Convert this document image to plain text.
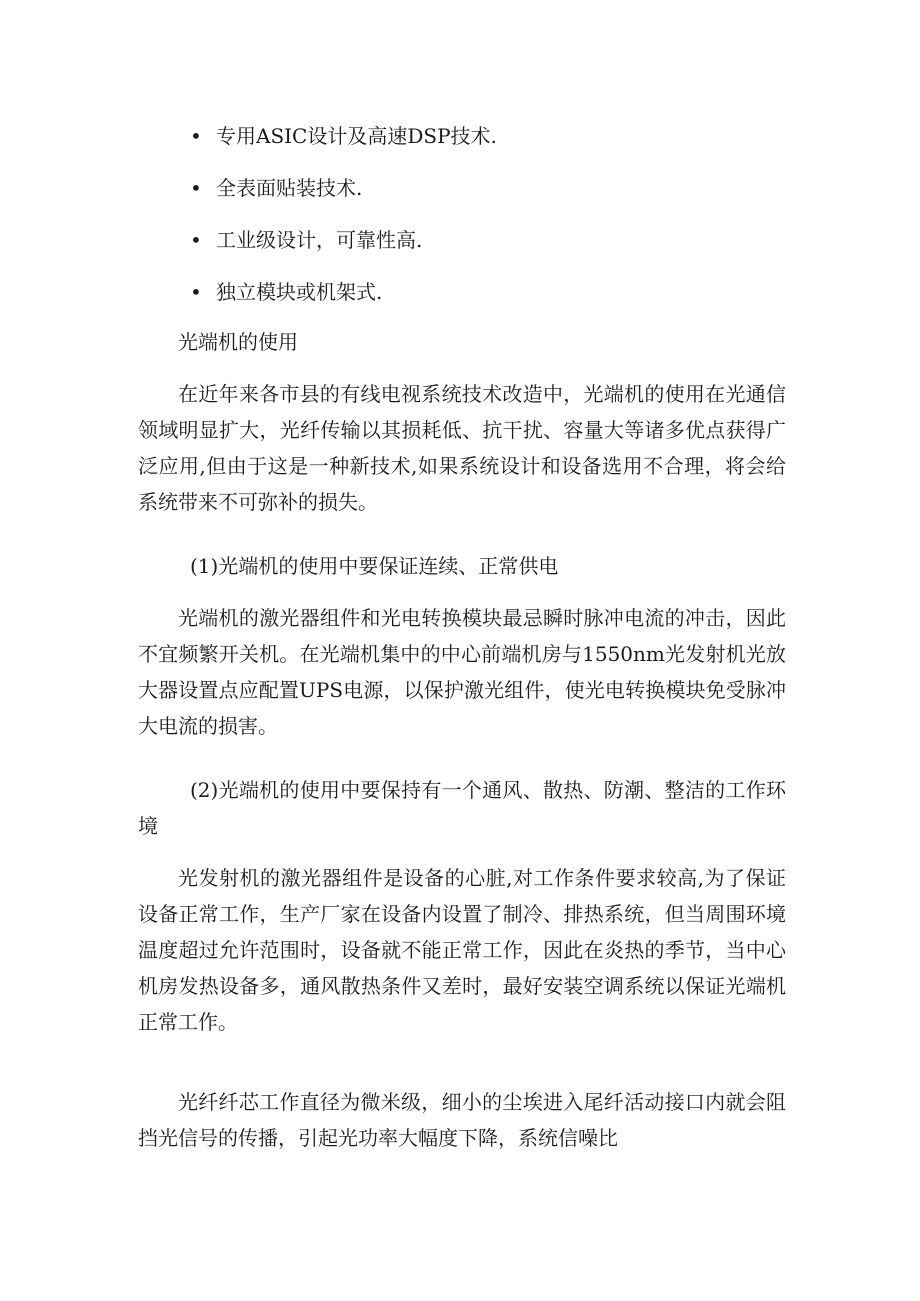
• 专用ASIC设计及高速DSP技术.
• 全表面贴装技术.
• 工业级设计，可靠性高.
• 独立模块或机架式.

光端机的使用

在近年来各市县的有线电视系统技术改造中，光端机的使用在光通信领域明显扩大，光纤传输以其损耗低、抗干扰、容量大等诸多优点获得广泛应用,但由于这是一种新技术,如果系统设计和设备选用不合理，将会给系统带来不可弥补的损失。

(1)光端机的使用中要保证连续、正常供电

光端机的激光器组件和光电转换模块最忌瞬时脉冲电流的冲击，因此不宜频繁开关机。在光端机集中的中心前端机房与1550nm光发射机光放大器设置点应配置UPS电源，以保护激光组件，使光电转换模块免受脉冲大电流的损害。

(2)光端机的使用中要保持有一个通风、散热、防潮、整洁的工作环境

光发射机的激光器组件是设备的心脏,对工作条件要求较高,为了保证设备正常工作，生产厂家在设备内设置了制冷、排热系统，但当周围环境温度超过允许范围时，设备就不能正常工作，因此在炎热的季节，当中心机房发热设备多，通风散热条件又差时，最好安装空调系统以保证光端机正常工作。

光纤纤芯工作直径为微米级，细小的尘埃进入尾纤活动接口内就会阻挡光信号的传播，引起光功率大幅度下降，系统信噪比
